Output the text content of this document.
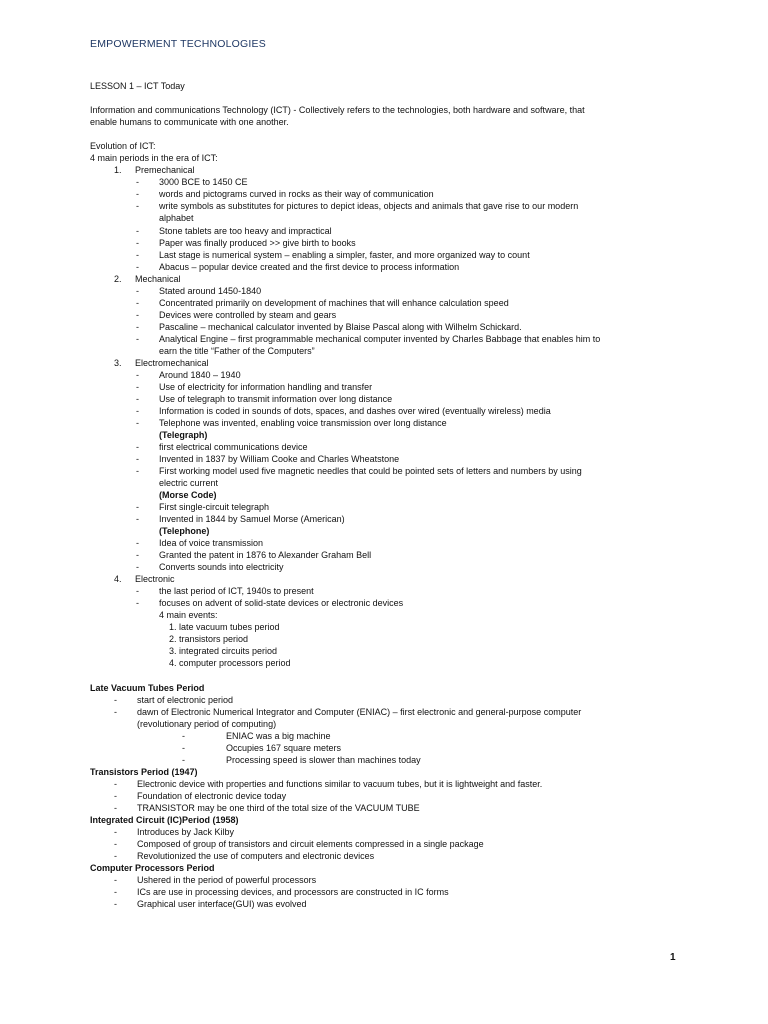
EMPOWERMENT TECHNOLOGIES
LESSON 1 – ICT Today
Information and communications Technology (ICT) - Collectively refers to the technologies, both hardware and software, that
enable humans to communicate with one another.
Evolution of ICT:
4 main periods in the era of ICT:
1. Premechanical
- 3000 BCE to 1450 CE
- words and pictograms curved in rocks as their way of communication
- write symbols as substitutes for pictures to depict ideas, objects and animals that gave rise to our modern
alphabet
- Stone tablets are too heavy and impractical
- Paper was finally produced >> give birth to books
- Last stage is numerical system – enabling a simpler, faster, and more organized way to count
- Abacus – popular device created and the first device to process information
2. Mechanical
- Stated around 1450-1840
- Concentrated primarily on development of machines that will enhance calculation speed
- Devices were controlled by steam and gears
- Pascaline – mechanical calculator invented by Blaise Pascal along with Wilhelm Schickard.
- Analytical Engine – first programmable mechanical computer invented by Charles Babbage that enables him to
earn the title “Father of the Computers”
3. Electromechanical
- Around 1840 – 1940
- Use of electricity for information handling and transfer
- Use of telegraph to transmit information over long distance
- Information is coded in sounds of dots, spaces, and dashes over wired (eventually wireless) media
- Telephone was invented, enabling voice transmission over long distance
(Telegraph)
- first electrical communications device
- Invented in 1837 by William Cooke and Charles Wheatstone
- First working model used five magnetic needles that could be pointed sets of letters and numbers by using
electric current
(Morse Code)
- First single-circuit telegraph
- Invented in 1844 by Samuel Morse (American)
(Telephone)
- Idea of voice transmission
- Granted the patent in 1876 to Alexander Graham Bell
- Converts sounds into electricity
4. Electronic
- the last period of ICT, 1940s to present
- focuses on advent of solid-state devices or electronic devices
4 main events:
1. late vacuum tubes period
2. transistors period
3. integrated circuits period
4. computer processors period
Late Vacuum Tubes Period
- start of electronic period
- dawn of Electronic Numerical Integrator and Computer (ENIAC) – first electronic and general-purpose computer
(revolutionary period of computing)
-	ENIAC was a big machine
-	Occupies 167 square meters
-	Processing speed is slower than machines today
Transistors Period (1947)
- Electronic device with properties and functions similar to vacuum tubes, but it is lightweight and faster.
- Foundation of electronic device today
- TRANSISTOR may be one third of the total size of the VACUUM TUBE
Integrated Circuit (IC)Period (1958)
- Introduces by Jack Kilby
- Composed of group of transistors and circuit elements compressed in a single package
- Revolutionized the use of computers and electronic devices
Computer Processors Period
- Ushered in the period of powerful processors
- ICs are use in processing devices, and processors are constructed in IC forms
- Graphical user interface(GUI) was evolved
1
